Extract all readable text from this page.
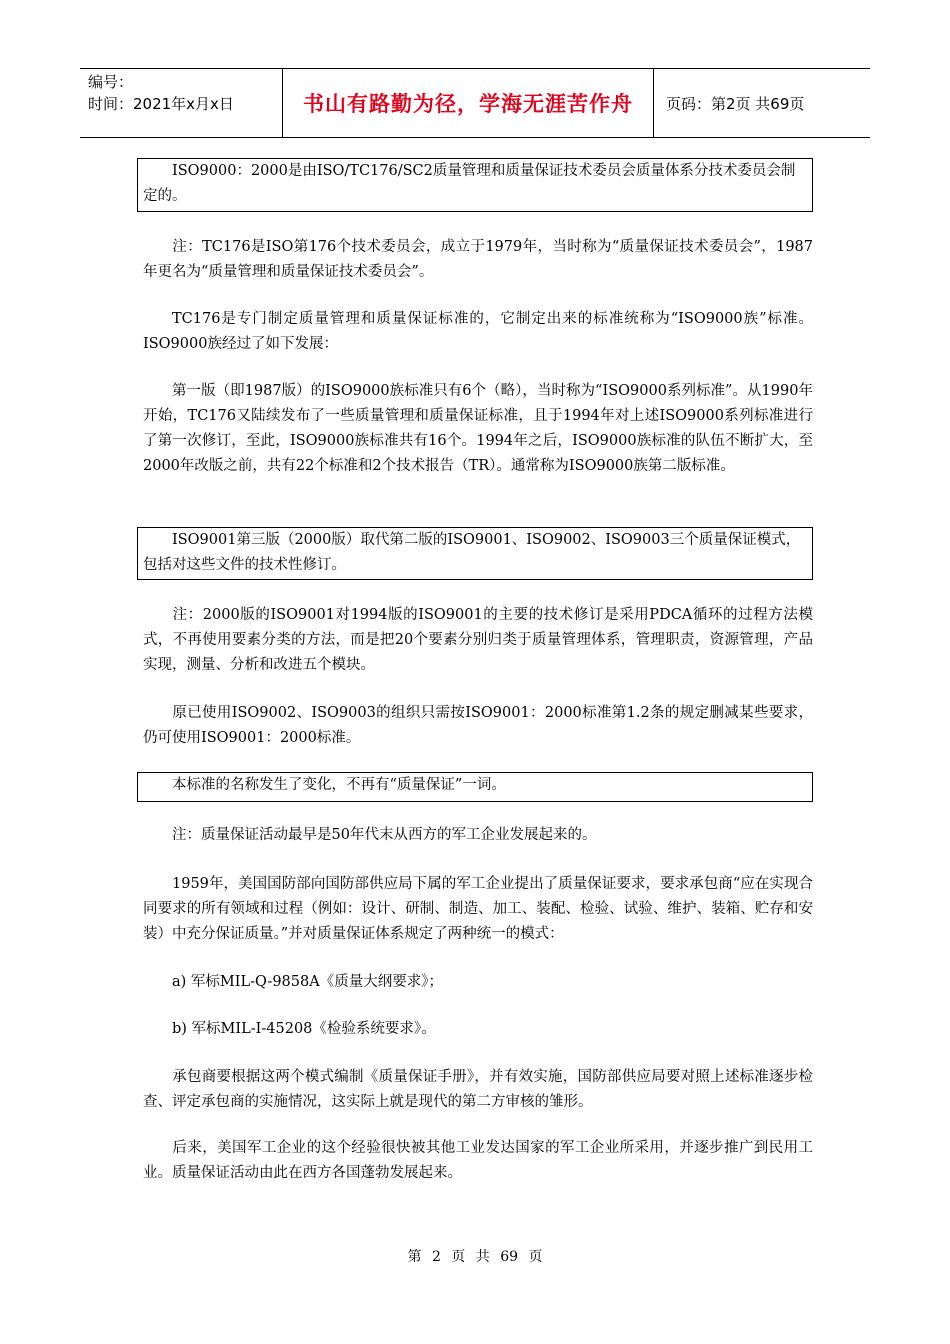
编号：
时间：2021年x月x日	书山有路勤为径，学海无涯苦作舟 页码：第2页 共69页
ISO9000：2000是由ISO/TC176/SC2质量管理和质量保证技术委员会质量体系分技术委员会制定的。

注：TC176是ISO第176个技术委员会，成立于1979年，当时称为“质量保证技术委员会”，1987年更名为“质量管理和质量保证技术委员会”。

TC176是专门制定质量管理和质量保证标准的，它制定出来的标准统称为“ISO9000族”标准。ISO9000族经过了如下发展：

第一版（即1987版）的ISO9000族标准只有6个（略），当时称为“ISO9000系列标准”。从1990年开始，TC176又陆续发布了一些质量管理和质量保证标准，且于1994年对上述ISO9000系列标准进行了第一次修订，至此，ISO9000族标准共有16个。1994年之后，ISO9000族标准的队伍不断扩大，至2000年改版之前，共有22个标准和2个技术报告（TR）。通常称为ISO9000族第二版标准。

ISO9001第三版（2000版）取代第二版的ISO9001、ISO9002、ISO9003三个质量保证模式，包括对这些文件的技术性修订。

注：2000版的ISO9001对1994版的ISO9001的主要的技术修订是采用PDCA循环的过程方法模式，不再使用要素分类的方法，而是把20个要素分别归类于质量管理体系，管理职责，资源管理，产品实现，测量、分析和改进五个模块。

原已使用ISO9002、ISO9003的组织只需按ISO9001：2000标准第1.2条的规定删减某些要求，仍可使用ISO9001：2000标准。

本标准的名称发生了变化，不再有“质量保证”一词。

注：质量保证活动最早是50年代末从西方的军工企业发展起来的。

1959年，美国国防部向国防部供应局下属的军工企业提出了质量保证要求，要求承包商“应在实现合同要求的所有领域和过程（例如：设计、研制、制造、加工、装配、检验、试验、维护、装箱、贮存和安装）中充分保证质量。”并对质量保证体系规定了两种统一的模式：

a) 军标MIL-Q-9858A《质量大纲要求》；

b) 军标MIL-I-45208《检验系统要求》。

承包商要根据这两个模式编制《质量保证手册》，并有效实施，国防部供应局要对照上述标准逐步检查、评定承包商的实施情况，这实际上就是现代的第二方审核的雏形。

后来，美国军工企业的这个经验很快被其他工业发达国家的军工企业所采用，并逐步推广到民用工业。质量保证活动由此在西方各国蓬勃发展起来。

第 2 页 共 69 页
